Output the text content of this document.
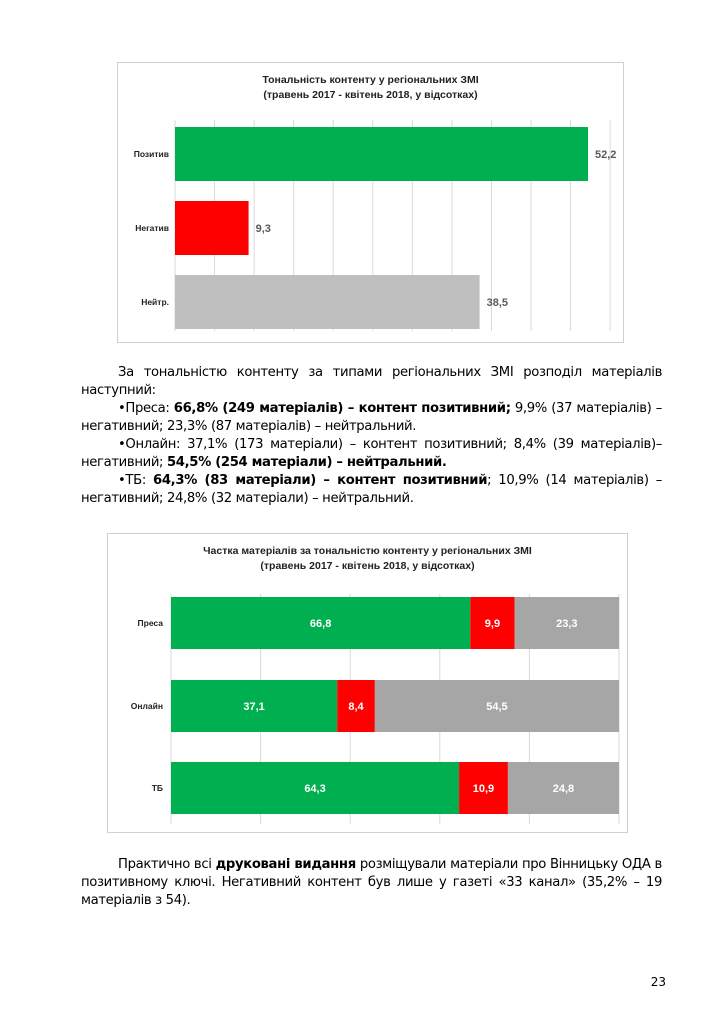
Тональність контенту у регіональних ЗМІ
(травень 2017 - квітень 2018, у відсотках)
Позитив	52,2
Негатив	9,3
Нейтр.	38,5

За тональністю контенту за типами регіональних ЗМІ розподіл матеріалів наступний:

•Преса: 66,8% (249 матеріалів) – контент позитивний; 9,9% (37 матеріалів) – негативний; 23,3% (87 матеріалів) – нейтральний.

•Онлайн: 37,1% (173 матеріали) – контент позитивний; 8,4% (39 матеріалів)– негативний; 54,5% (254 матеріали) – нейтральний.

•ТБ: 64,3% (83 матеріали) – контент позитивний; 10,9% (14 матеріалів) – негативний; 24,8% (32 матеріали) – нейтральний.

Частка матеріалів за тональністю контенту у регіональних ЗМІ
(травень 2017 - квітень 2018, у відсотках)
66,8	9,9	23,3
Преса
37,1	8,4	54,5
Онлайн
64,3	10,9	24,8
ТБ

Практично всі друковані видання розміщували матеріали про Вінницьку ОДА в позитивному ключі. Негативний контент був лише у газеті «33 канал» (35,2% – 19 матеріалів з 54).

23
